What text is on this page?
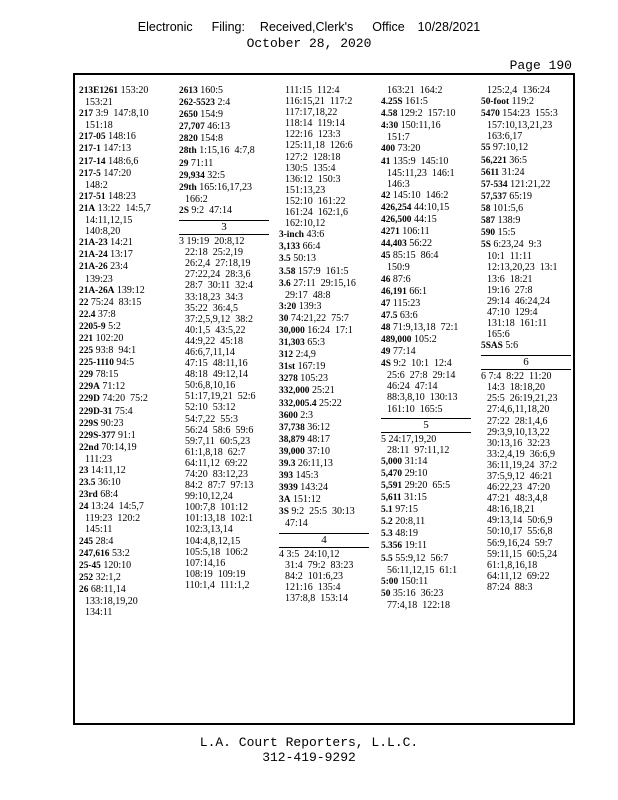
Electronic Filing: Received,Clerk's Office 10/28/2021
October 28, 2020
Page 190
213E1261 153:20
153:21
217 3:9  147:8,10
151:18
217-05 148:16
217-1 147:13
217-14 148:6,6
217-5 147:20
148:2
217-51 148:23
21A 13:22  14:5,7
14:11,12,15
140:8,20
21A-23 14:21
21A-24 13:17
21A-26 23:4
139:23
21A-26A 139:12
22 75:24  83:15
22.4 37:8
2205-9 5:2
221 102:20
225 93:8  94:1
225-1110 94:5
229 78:15
229A 71:12
229D 74:20  75:2
229D-31 75:4
229S 90:23
229S-377 91:1
22nd 70:14,19
111:23
23 14:11,12
23.5 36:10
23rd 68:4
24 13:24  14:5,7
119:23  120:2
145:11
245 28:4
247,616 53:2
25-45 120:10
252 32:1,2
26 68:11,14
133:18,19,20
134:11
2613 160:5
262-5523 2:4
2650 154:9
27,707 46:13
2820 154:8
28th 1:15,16  4:7,8
29 71:11
29,934 32:5
29th 165:16,17,23
166:2
2S 9:2  47:14
3
3 19:19  20:8,12
22:18  25:2,19
26:2,4  27:18,19
27:22,24  28:3,6
28:7  30:11  32:4
33:18,23  34:3
35:22  36:4,5
37:2,5,9,12  38:2
40:1,5  43:5,22
44:9,22  45:18
46:6,7,11,14
47:15  48:11,16
48:18  49:12,14
50:6,8,10,16
51:17,19,21  52:6
52:10  53:12
54:7,22  55:3
56:24  58:6  59:6
59:7,11  60:5,23
61:1,8,18  62:7
64:11,12  69:22
74:20  83:12,23
84:2  87:7  97:13
99:10,12,24
100:7,8  101:12
101:13,18  102:1
102:3,13,14
104:4,8,12,15
105:5,18  106:2
107:14,16
108:19  109:19
110:1,4  111:1,2
111:15  112:4
116:15,21  117:2
117:17,18,22
118:14  119:14
122:16  123:3
125:11,18  126:6
127:2  128:18
130:5  135:4
136:12  150:3
151:13,23
152:10  161:22
161:24  162:1,6
162:10,12
3-inch 43:6
3,133 66:4
3.5 50:13
3.58 157:9  161:5
3.6 27:11  29:15,16
29:17  48:8
3:20 139:3
30 74:21,22  75:7
30,000 16:24  17:1
31,303 65:3
312 2:4,9
31st 167:19
3278 105:23
332,000 25:21
332,005.4 25:22
3600 2:3
37,738 36:12
38,879 48:17
39,000 37:10
39.3 26:11,13
393 145:3
3939 143:24
3A 151:12
3S 9:2  25:5  30:13
47:14
4
4 3:5  24:10,12
31:4  79:2  83:23
84:2  101:6,23
121:16  135:4
137:8,8  153:14
163:21  164:2
4.25S 161:5
4.58 129:2  157:10
4:30 150:11,16
151:7
400 73:20
41 135:9  145:10
145:11,23  146:1
146:3
42 145:10  146:2
426,254 44:10,15
426,500 44:15
4271 106:11
44,403 56:22
45 85:15  86:4
150:9
46 87:6
46,191 66:1
47 115:23
47.5 63:6
48 71:9,13,18  72:1
489,000 105:2
49 77:14
4S 9:2  10:1  12:4
25:6  27:8  29:14
46:24  47:14
88:3,8,10  130:13
161:10  165:5
5
5 24:17,19,20
28:11  97:11,12
5,000 31:14
5,470 29:10
5,591 29:20  65:5
5,611 31:15
5.1 97:15
5.2 20:8,11
5.3 48:19
5.356 19:11
5.5 55:9,12  56:7
56:11,12,15  61:1
5:00 150:11
50 35:16  36:23
77:4,18  122:18
125:2,4  136:24
50-foot 119:2
5470 154:23  155:3
157:10,13,21,23
163:6,17
55 97:10,12
56,221 36:5
5611 31:24
57-534 121:21,22
57,537 65:19
58 101:5,6
587 138:9
590 15:5
5S 6:23,24  9:3
10:1  11:11
12:13,20,23  13:1
13:6  18:21
19:16  27:8
29:14  46:24,24
47:10  129:4
131:18  161:11
165:6
5SAS 5:6
6
6 7:4  8:22  11:20
14:3  18:18,20
25:5  26:19,21,23
27:4,6,11,18,20
27:22  28:1,4,6
29:3,9,10,13,22
30:13,16  32:23
33:2,4,19  36:6,9
36:11,19,24  37:2
37:5,9,12  46:21
46:22,23  47:20
47:21  48:3,4,8
48:16,18,21
49:13,14  50:6,9
50:10,17  55:6,8
56:9,16,24  59:7
59:11,15  60:5,24
61:1,8,16,18
64:11,12  69:22
87:24  88:3
L.A. Court Reporters, L.L.C.
312-419-9292
